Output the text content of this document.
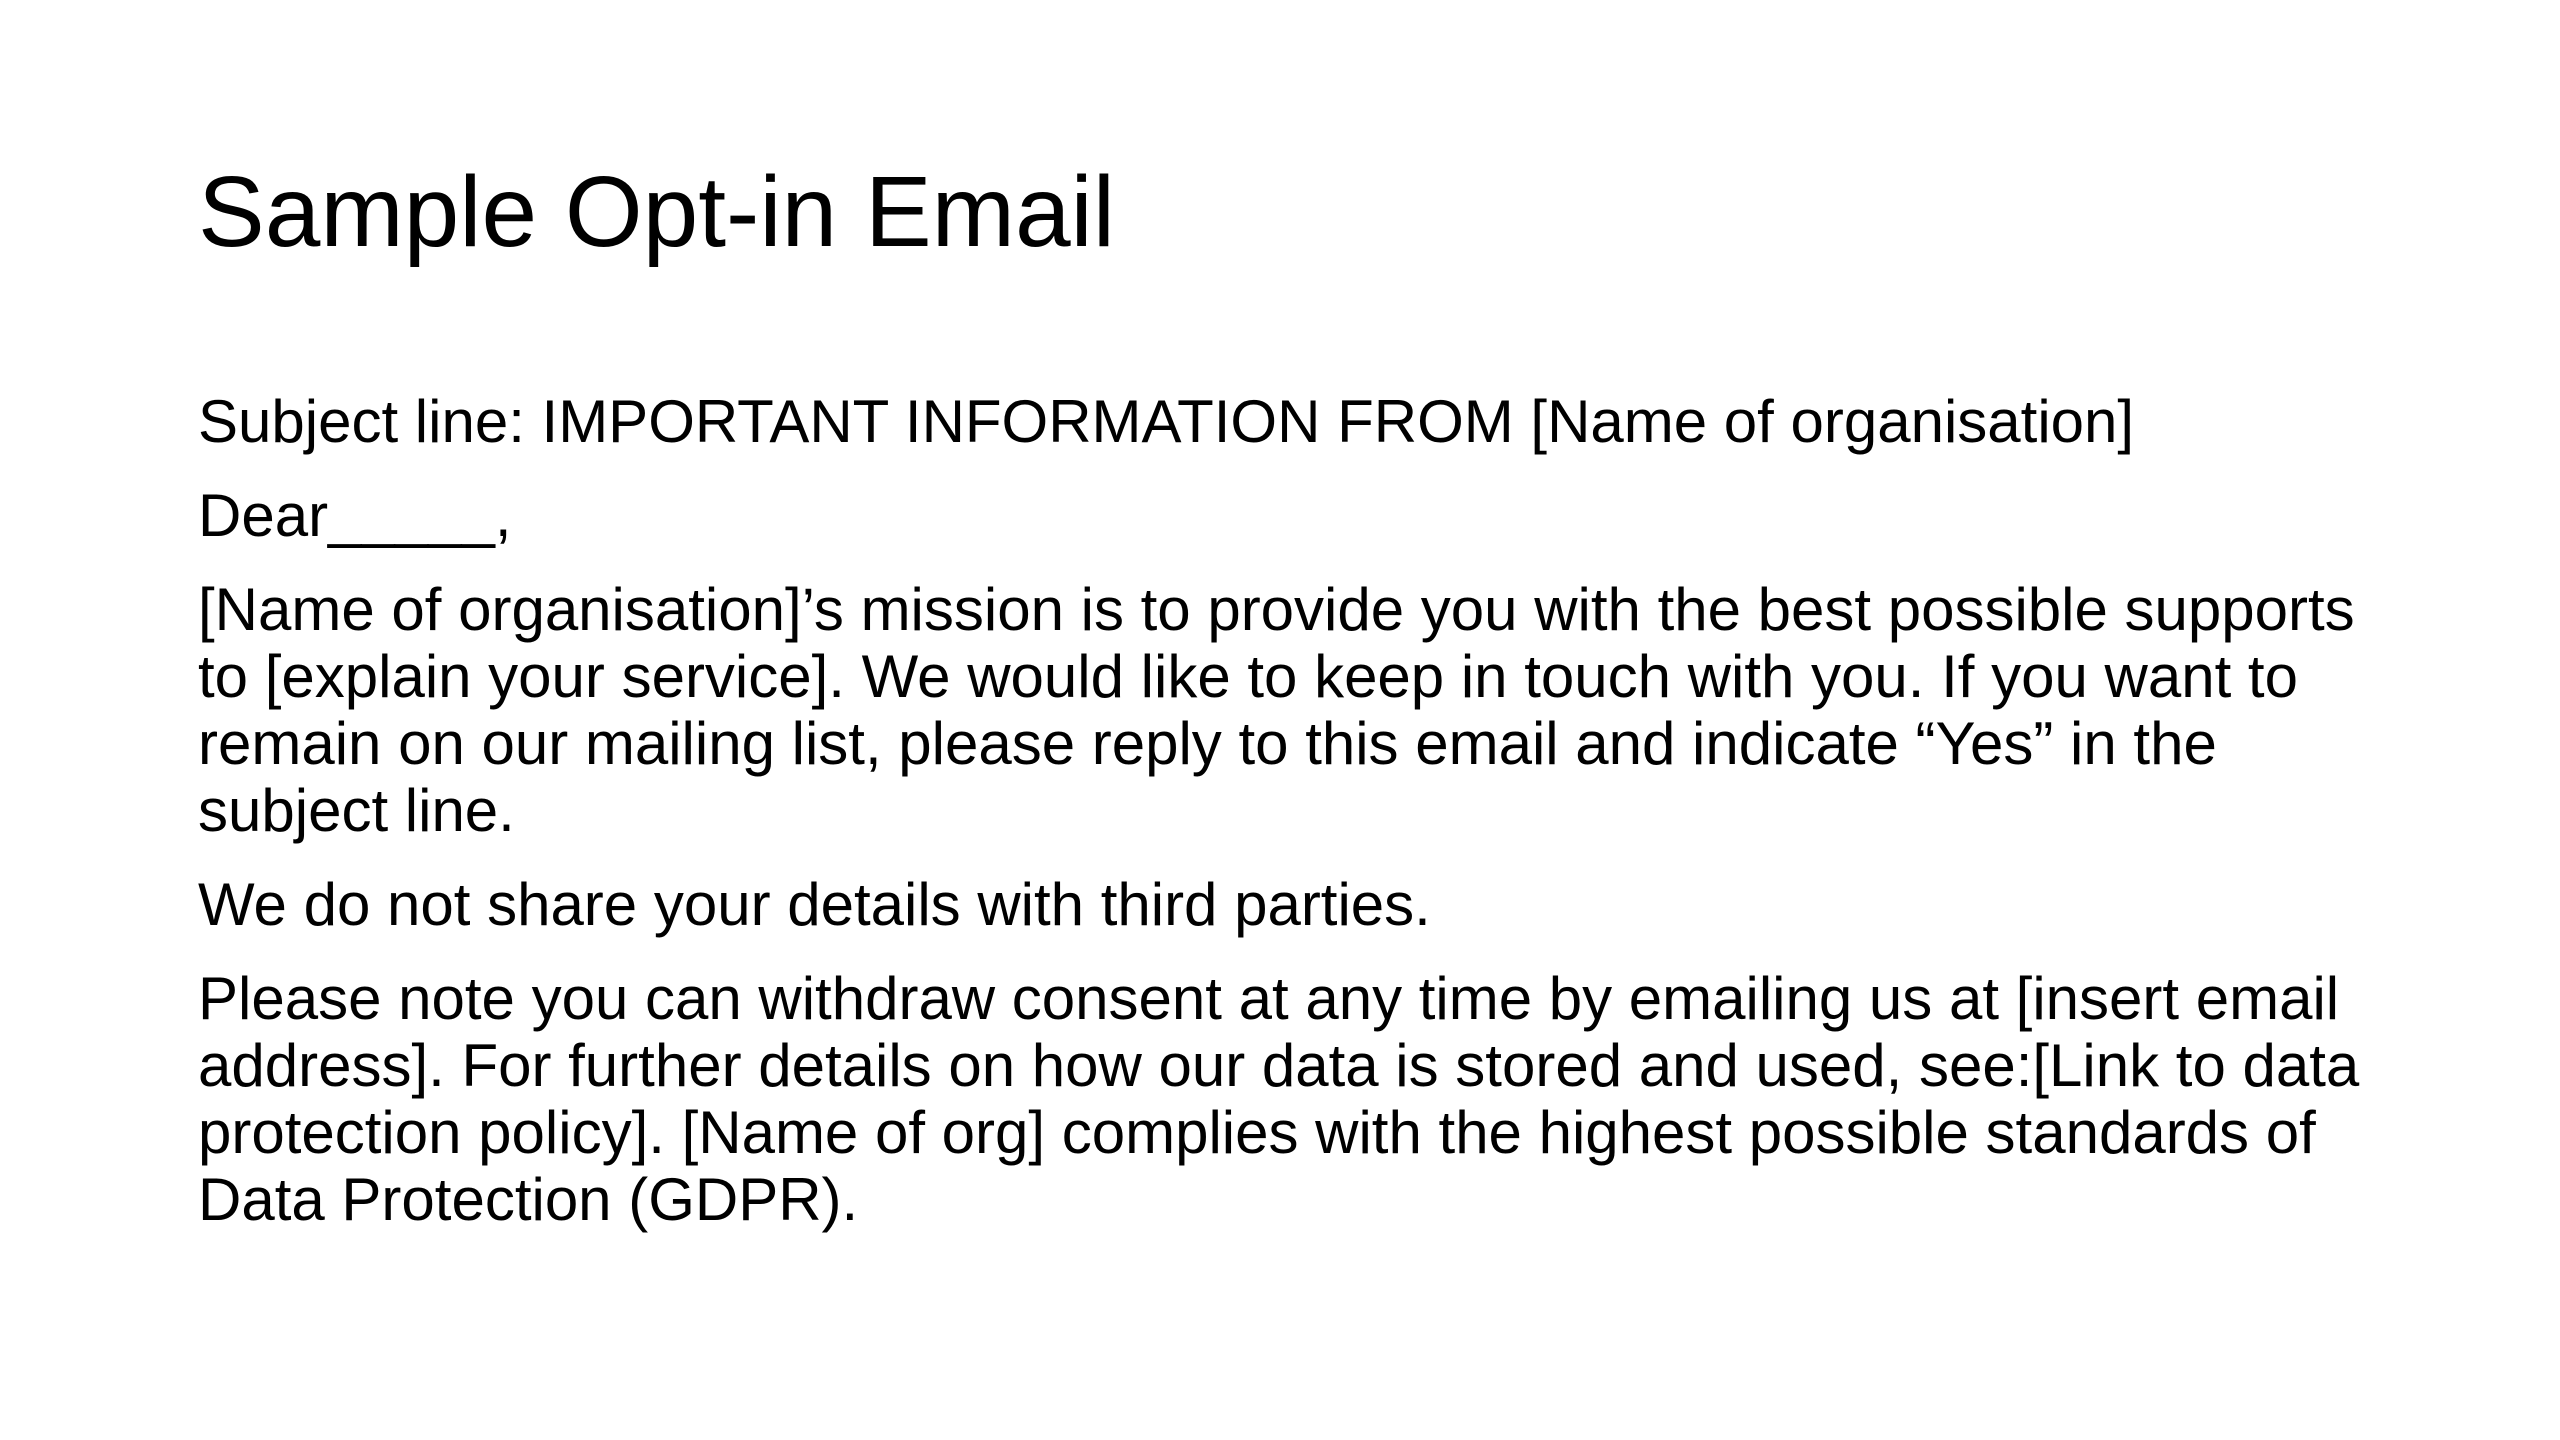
Sample Opt-in Email

Subject line: IMPORTANT INFORMATION FROM [Name of organisation]

Dear_____,

[Name of organisation]’s mission is to provide you with the best possible supports to [explain your service]. We would like to keep in touch with you. If you want to remain on our mailing list, please reply to this email and indicate “Yes” in the subject line.

We do not share your details with third parties.

Please note you can withdraw consent at any time by emailing us at [insert email address]. For further details on how our data is stored and used, see:[Link to data protection policy]. [Name of org] complies with the highest possible standards of Data Protection (GDPR).
